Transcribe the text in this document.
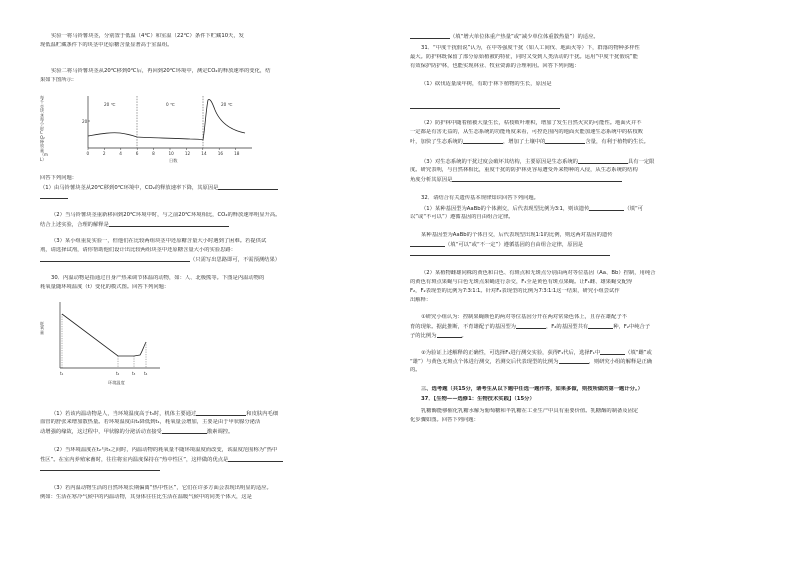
实验一将马铃薯块茎，分别置于低温（4℃）和室温（22℃）条件下贮藏10天，发
现低温贮藏条件下的块茎中还原糖含量显著高于室温组。
实验二将马铃薯块茎从20℃移到0℃后，再回到20℃环境中，测定CO₂的释放速率的变化，结
果如下图所示：
每千克块茎每小时CO₂释放量（mL）
20
20 ℃	0 ℃	20 ℃
0	2	4	6	8	10	12	14	16	18
日数
回答下列问题：
（1）由马铃薯块茎从20℃移到0℃环境中，CO₂的释放速率下降，其原因是
（2）当马铃薯块茎重新移回到20℃环境中时，与之前20℃环境相比，CO₂的释放速率明显升高。
结合上述实验，合理的解释是
（3）某小组重复实验一，但他们在比较两组块茎中还原糖含量大小时遇到了困难。若提供试
剂，请选择试剂，请你帮助他们设计出比较两组块茎中还原糖含量大小的实验思路：
（只需写出思路即可，不需预测结果）
30．内温动物是指通过自身产热来调节体温的动物，如：人、北极熊等。下图是内温动物的
耗氧量随环境温度（t）变化的模式图。回答下列问题：
耗氧量
t₁	t₂	t₃ t₄
环境温度
（1）若该内温动物是人，当环境温度高于t₃时，机体主要通过	和皮肤内毛细
血管的舒张来增加散热量。若环境温度由t₂降低到t₁，耗氧量会增加，主要是由于甲状腺分泌活
动增强的缘故，这过程中，甲状腺的分泌活动直接受	激素调控。
（2）当环境温度在t₂与t₃之间时，内温动物的耗氧量不随环境温度而改变，该温度范围称为“热中
性区”。在室内养殖家畜时，往往将室内温度保持在“热中性区”，这样做的优点是
（3）若内温动物生活的自然环境长期偏离“热中性区”，它们在许多方面会表现出明显的适应。
例如：生活在寒冷气候中的内温动物，其身体往往比生活在温暖气候中的同类个体大，这是
（填“增大单位体重产热量”或“减少单位体重散热量”）的适应。
31．“中度干扰假说”认为，在中等强度干扰（如人工间伐、地面火等）下，群落的物种多样性
最大。防护林既保留了部分原始植被的特征，同时又受到人类活动的干扰。运用“中度干扰假说”能
有效保护防护林，也能实现林业、牧业资源的合理利用。回答下列问题：
（1）砍伐适量成年树，有助于林下植物的生长，原因是
（2）防护林中随着植被大量生长，枯枝败叶堆积，增加了发生自然火灾的可能性。地面火并不
一定都是有害无益的，从生态系统的功能角度来看，可控范围内的地面火能加速生态系统中的枯枝败
叶，加快了生态系统的	，增加了土壤中的	含量，有利于植物的生长。
（3）对生态系统的干扰过度会破坏其结构，主要原因是生态系统的	具有一定限
度。研究表明，与自然林相比，重度干扰的防护林更容易遭受外来物种的入侵，从生态系统的结构
角度分析其原因是
32．请结合有关遗传基本规律知识回答下列问题。
（1）某种基因型为AaBb的个体测交，后代表现型比例为3∶1，则该遗传	（填“可
以”或“不可以”）遵循基因的自由组合定律。
某种基因型为AaBb的个体自交，后代表现型出现1∶1的比例，则这两对基因的遗传
（填“可以”或“不一定”）遵循基因的自由组合定律，原因是
（2）某植物雌雄同株的黄色和白色、有斑点和无斑点分别由两对等位基因（Aa、Bb）控制，用纯合
的黄色有斑点果蝇与白色无斑点果蝇进行杂交，F₁全是黄色有斑点果蝇。让F₁雌、雄果蝇交配得
F₂，F₂表现型的比例为7∶3∶1∶1。针对F₂表现型的比例为7∶3∶1∶1这一结果，研究小组尝试作
出解释：
①研究小组认为：控制果蝇颜色的两对等位基因分开在两对常染色体上，且存在雄配子不
育的现象。据此推断，不育雄配子的基因型为	，F₂的基因型共有	种，F₂中纯合子
子的比例为	。
②为验证上述解释的正确性，可选择F₁进行测交实验，获得F₁代后，选择F₁中	（填“雌”或
“雄”）与黄色无斑点个体进行测交，若测交后代表现型的比例为	，则研究小组的解释是正确
的。
三、选考题（共15分，请考生从以下题中任选一题作答，如果多做，则按所做的第一题计分。）
37．【生物——选修1：生物技术实践】（15分）
乳糖酶能够催化乳糖水解为葡萄糖和半乳糖在工业生产中具有重要价值。乳糖酶的制备及固定
化步骤如图。回答下列问题：
